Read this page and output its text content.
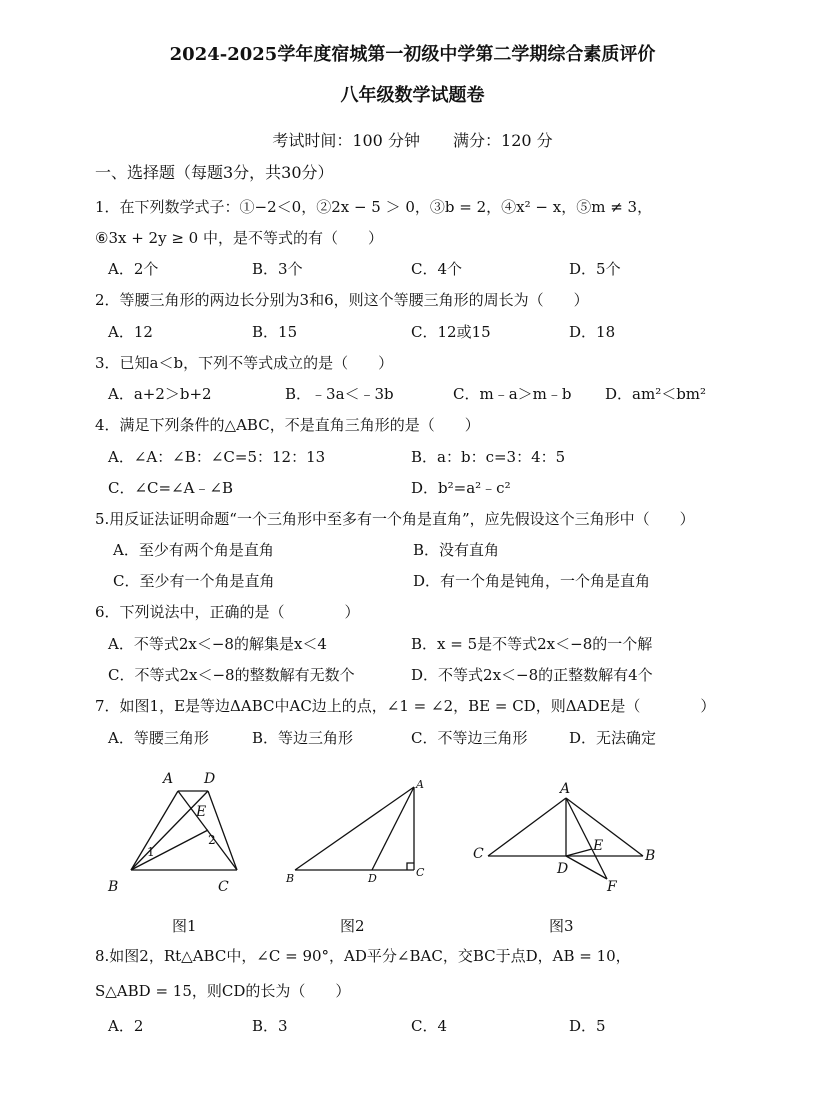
2024-2025学年度宿城第一初级中学第二学期综合素质评价
八年级数学试题卷
考试时间：100 分钟 满分：120 分
一、选择题（每题3分，共30分）
1．在下列数学式子：①−2＜0，②2x − 5 ＞ 0，③b = 2，④x² − x，⑤m ≠ 3，
⑥3x + 2y ≥ 0 中，是不等式的有（　　）
A．2个	B．3个	C．4个	D．5个
2．等腰三角形的两边长分别为3和6，则这个等腰三角形的周长为（　　）
A．12	B．15	C．12或15	D．18
3．已知a＜b，下列不等式成立的是（　　）
A．a+2＞b+2	B．﹣3a＜﹣3b	C．m﹣a＞m﹣b D．am²＜bm²
4．满足下列条件的△ABC，不是直角三角形的是（　　）
A．∠A：∠B：∠C=5：12：13	B．a：b：c=3：4：5
C．∠C=∠A﹣∠B	D．b²=a²﹣c²
5.用反证法证明命题“一个三角形中至多有一个角是直角”，应先假设这个三角形中（　　）
A．至少有两个角是直角	B．没有直角
C．至少有一个角是直角	D．有一个角是钝角，一个角是直角
6．下列说法中，正确的是（　　　　）
A．不等式2x＜−8的解集是x＜4	B．x = 5是不等式2x＜−8的一个解
C．不等式2x＜−8的整数解有无数个	D．不等式2x＜−8的正整数解有4个
7．如图1，E是等边ΔABC中AC边上的点，∠1 = ∠2，BE = CD，则ΔADE是（　　　　）
A．等腰三角形	B．等边三角形	C．不等边三角形	D．无法确定
A D
E
B	C
1
2
A
B	D	C
A
C	B
D
E
F
图1	图2	图3
8.如图2，Rt△ABC中，∠C = 90°，AD平分∠BAC，交BC于点D，AB = 10，
S△ABD = 15，则CD的长为（　　）
A．2	B．3	C．4	D．5
